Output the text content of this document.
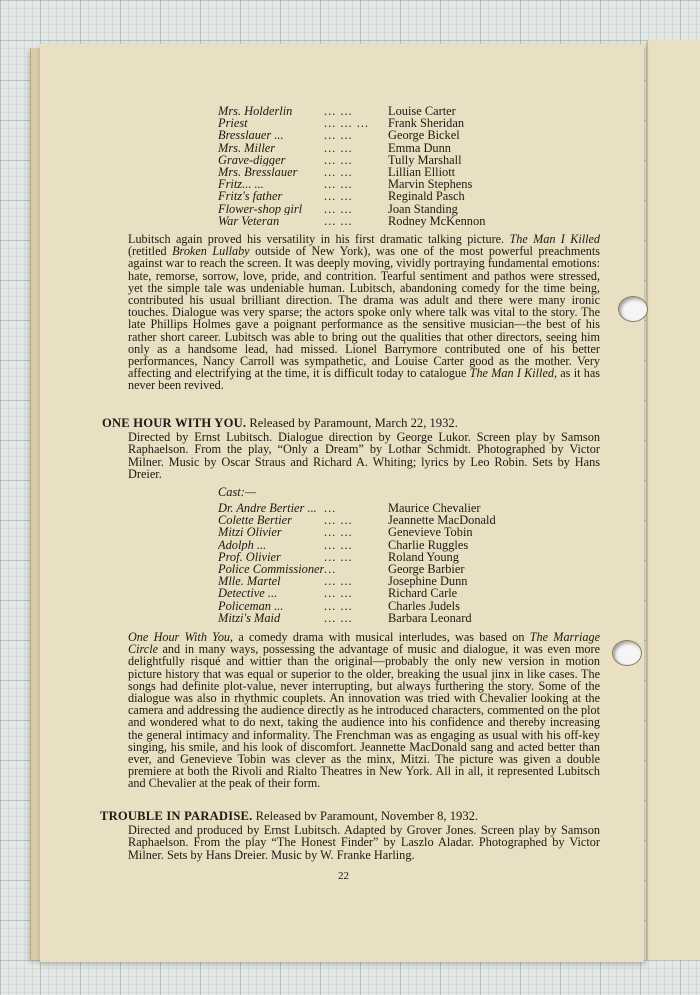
Mrs. Holderlin	... ...	Louise Carter
Priest	... ... ...	Frank Sheridan
Bresslauer ...	... ...	George Bickel
Mrs. Miller	... ...	Emma Dunn
Grave-digger	... ...	Tully Marshall
Mrs. Bresslauer	... ...	Lillian Elliott
Fritz... ...	... ...	Marvin Stephens
Fritz's father	... ...	Reginald Pasch
Flower-shop girl	... ...	Joan Standing
War Veteran	... ...	Rodney McKennon
Lubitsch again proved his versatility in his first dramatic talking picture. The Man I Killed (retitled Broken Lullaby outside of New York), was one of the most powerful preachments against war to reach the screen. It was deeply moving, vividly portraying fundamental emotions: hate, remorse, sorrow, love, pride, and contrition. Tearful sentiment and pathos were stressed, yet the simple tale was undeniable human. Lubitsch, abandoning comedy for the time being, contributed his usual brilliant direction. The drama was adult and there were many ironic touches. Dialogue was very sparse; the actors spoke only where talk was vital to the story. The late Phillips Holmes gave a poignant performance as the sensitive musician—the best of his rather short career. Lubitsch was able to bring out the qualities that other directors, seeing him only as a handsome lead, had missed. Lionel Barrymore contributed one of his better performances, Nancy Carroll was sympathetic, and Louise Carter good as the mother. Very affecting and electrifying at the time, it is difficult today to catalogue The Man I Killed, as it has never been revived.
ONE HOUR WITH YOU. Released by Paramount, March 22, 1932.
Directed by Ernst Lubitsch. Dialogue direction by George Lukor. Screen play by Samson Raphaelson. From the play, “Only a Dream” by Lothar Schmidt. Photographed by Victor Milner. Music by Oscar Straus and Richard A. Whiting; lyrics by Leo Robin. Sets by Hans Dreier.
Cast:—
Dr. Andre Bertier ... ...	Maurice Chevalier
Colette Bertier	... ...	Jeannette MacDonald
Mitzi Olivier	... ...	Genevieve Tobin
Adolph ...	... ...	Charlie Ruggles
Prof. Olivier	... ...	Roland Young
Police Commissioner ...	George Barbier
Mlle. Martel	... ...	Josephine Dunn
Detective ...	... ...	Richard Carle
Policeman ...	... ...	Charles Judels
Mitzi's Maid	... ...	Barbara Leonard
One Hour With You, a comedy drama with musical interludes, was based on The Marriage Circle and in many ways, possessing the advantage of music and dialogue, it was even more delightfully risqué and wittier than the original—probably the only new version in motion picture history that was equal or superior to the older, breaking the usual jinx in like cases. The songs had definite plot-value, never interrupting, but always furthering the story. Some of the dialogue was also in rhythmic couplets. An innovation was tried with Chevalier looking at the camera and addressing the audience directly as he introduced characters, commented on the plot and wondered what to do next, taking the audience into his confidence and thereby increasing the general intimacy and informality. The Frenchman was as engaging as usual with his off-key singing, his smile, and his look of discomfort. Jeannette MacDonald sang and acted better than ever, and Genevieve Tobin was clever as the minx, Mitzi. The picture was given a double premiere at both the Rivoli and Rialto Theatres in New York. All in all, it represented Lubitsch and Chevalier at the peak of their form.
TROUBLE IN PARADISE. Released bv Paramount, November 8, 1932.
Directed and produced by Ernst Lubitsch. Adapted by Grover Jones. Screen play by Samson Raphaelson. From the play “The Honest Finder” by Laszlo Aladar. Photographed by Victor Milner. Sets by Hans Dreier. Music by W. Franke Harling.
22
